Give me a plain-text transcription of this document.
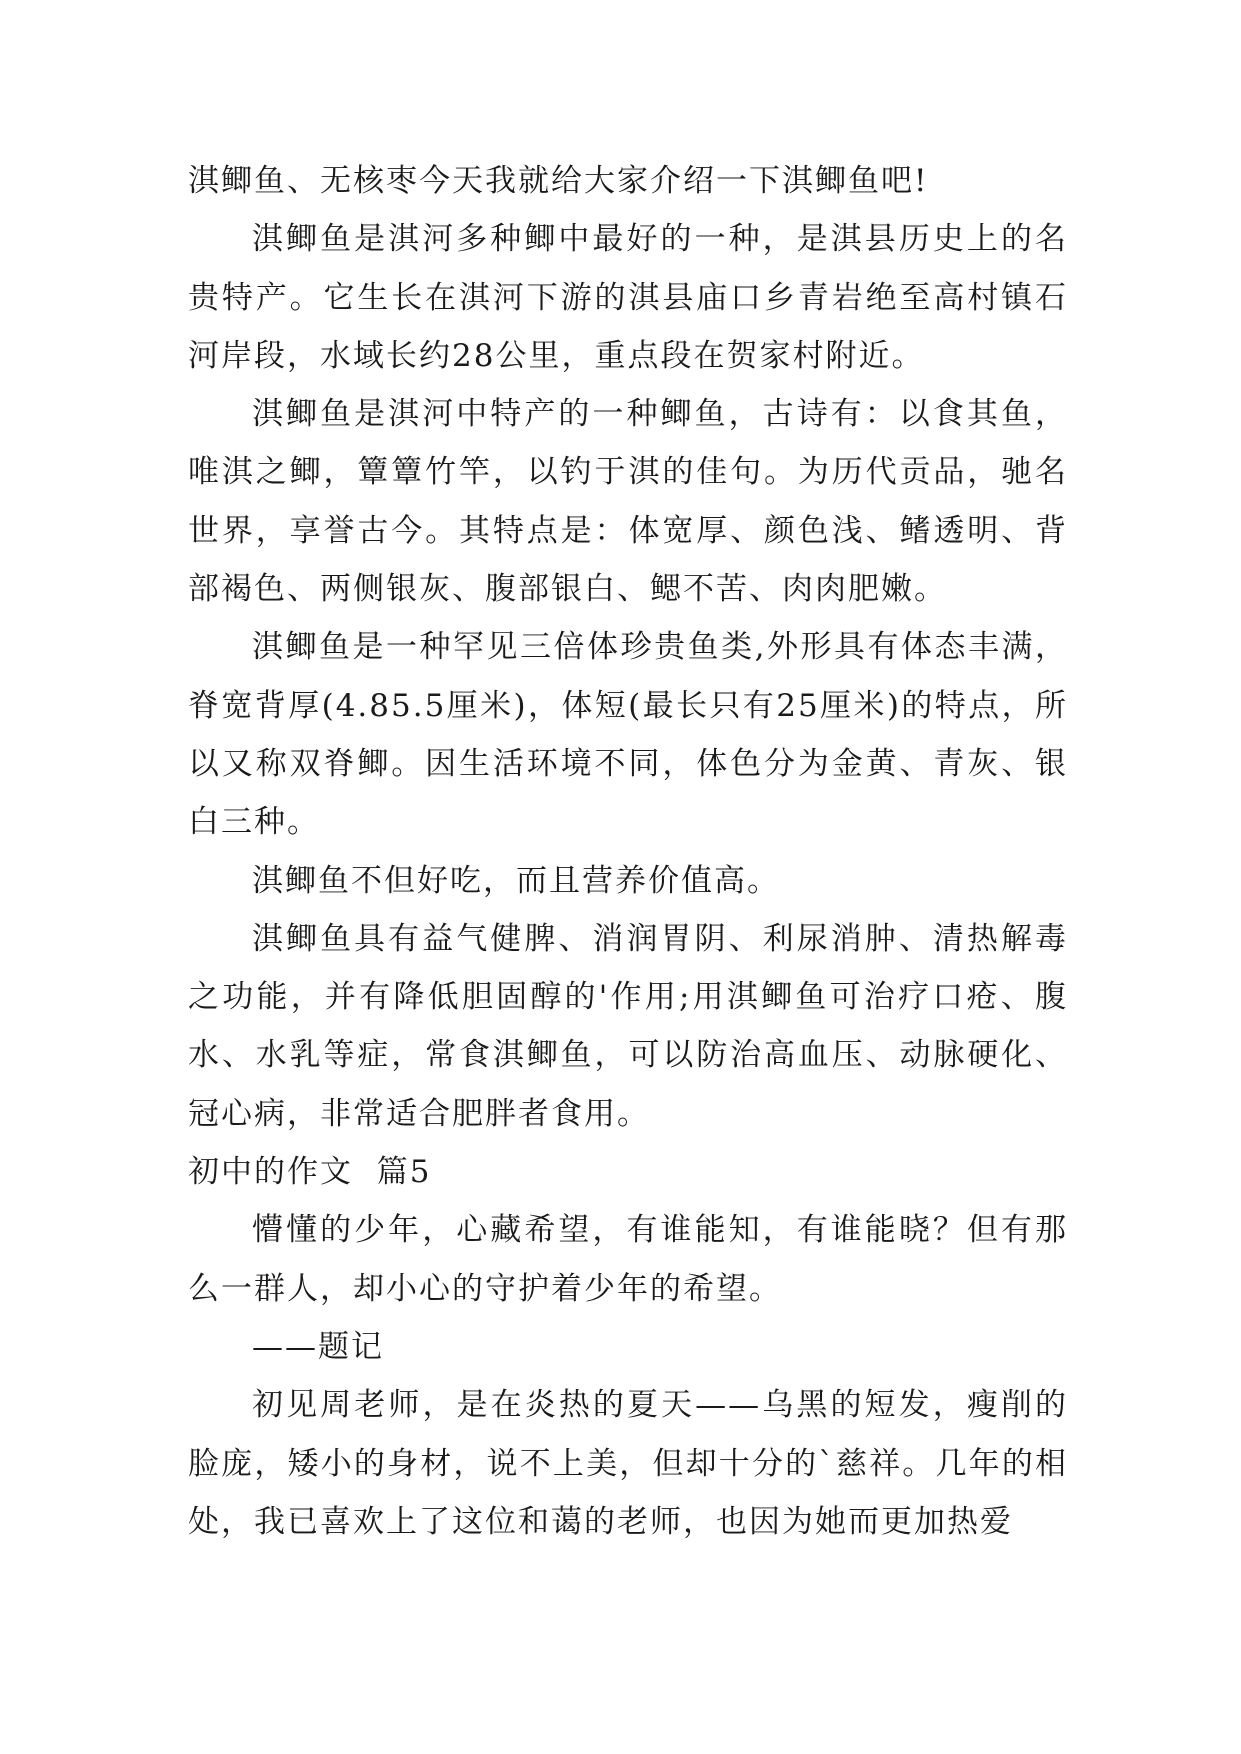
淇鲫鱼、无核枣今天我就给大家介绍一下淇鲫鱼吧!

淇鲫鱼是淇河多种鲫中最好的一种，是淇县历史上的名贵特产。它生长在淇河下游的淇县庙口乡青岩绝至高村镇石河岸段，水域长约28公里，重点段在贺家村附近。

淇鲫鱼是淇河中特产的一种鲫鱼，古诗有：以食其鱼，唯淇之鲫，簟簟竹竿，以钓于淇的佳句。为历代贡品，驰名世界，享誉古今。其特点是：体宽厚、颜色浅、鳍透明、背部褐色、两侧银灰、腹部银白、鳃不苦、肉肉肥嫩。

淇鲫鱼是一种罕见三倍体珍贵鱼类,外形具有体态丰满，脊宽背厚(4.85.5厘米)，体短(最长只有25厘米)的特点，所以又称双脊鲫。因生活环境不同，体色分为金黄、青灰、银白三种。

淇鲫鱼不但好吃，而且营养价值高。

淇鲫鱼具有益气健脾、消润胃阴、利尿消肿、清热解毒之功能，并有降低胆固醇的'作用;用淇鲫鱼可治疗口疮、腹水、水乳等症，常食淇鲫鱼，可以防治高血压、动脉硬化、冠心病，非常适合肥胖者食用。

初中的作文  篇5

懵懂的少年，心藏希望，有谁能知，有谁能晓？但有那么一群人，却小心的守护着少年的希望。

——题记

初见周老师，是在炎热的夏天——乌黑的短发，瘦削的脸庞，矮小的身材，说不上美，但却十分的`慈祥。几年的相处，我已喜欢上了这位和蔼的老师，也因为她而更加热爱
